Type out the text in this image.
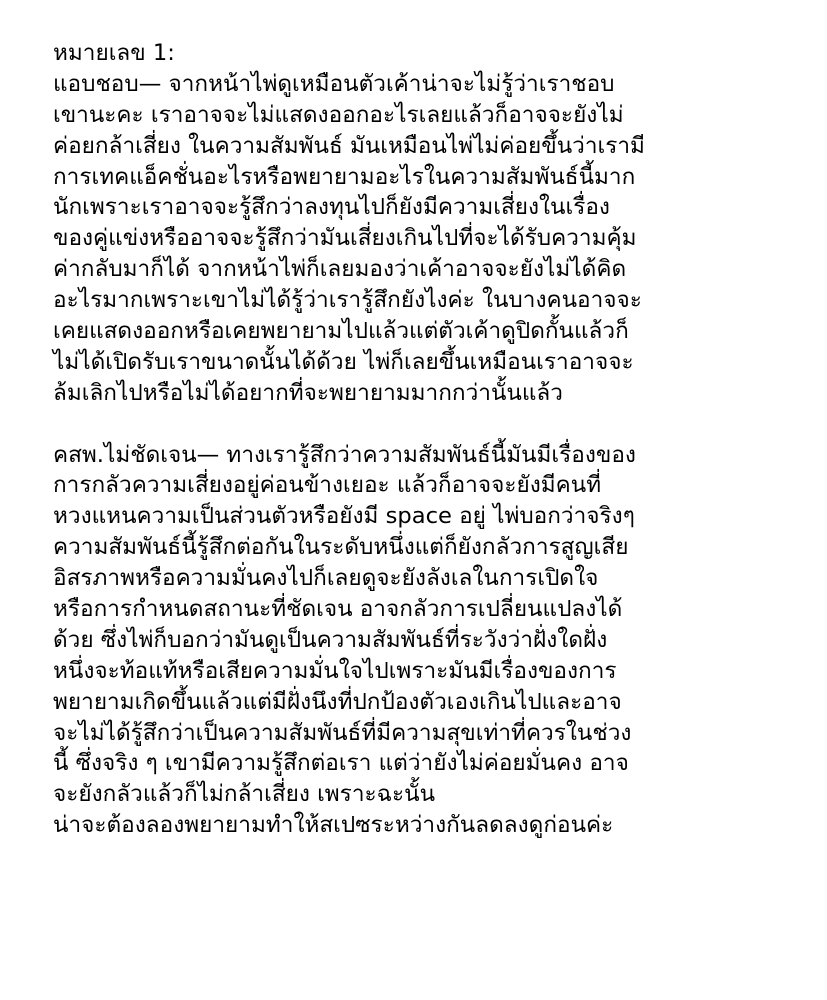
หมายเลข 1:
แอบชอบ— จากหน้าไพ่ดูเหมือนตัวเค้าน่าจะไม่รู้ว่าเราชอบ
เขานะคะ เราอาจจะไม่แสดงออกอะไรเลยแล้วก็อาจจะยังไม่
ค่อยกล้าเสี่ยง ในความสัมพันธ์ มันเหมือนไพ่ไม่ค่อยขึ้นว่าเรามี
การเทคแอ็คชั่นอะไรหรือพยายามอะไรในความสัมพันธ์นี้มาก
นักเพราะเราอาจจะรู้สึกว่าลงทุนไปก็ยังมีความเสี่ยงในเรื่อง
ของคู่แข่งหรืออาจจะรู้สึกว่ามันเสี่ยงเกินไปที่จะได้รับความคุ้ม
ค่ากลับมาก็ได้ จากหน้าไพ่ก็เลยมองว่าเค้าอาจจะยังไม่ได้คิด
อะไรมากเพราะเขาไม่ได้รู้ว่าเรารู้สึกยังไงค่ะ ในบางคนอาจจะ
เคยแสดงออกหรือเคยพยายามไปแล้วแต่ตัวเค้าดูปิดกั้นแล้วก็
ไม่ได้เปิดรับเราขนาดนั้นได้ด้วย ไพ่ก็เลยขึ้นเหมือนเราอาจจะ
ล้มเลิกไปหรือไม่ได้อยากที่จะพยายามมากกว่านั้นแล้ว
คสพ.ไม่ชัดเจน— ทางเรารู้สึกว่าความสัมพันธ์นี้มันมีเรื่องของ
การกลัวความเสี่ยงอยู่ค่อนข้างเยอะ แล้วก็อาจจะยังมีคนที่
หวงแหนความเป็นส่วนตัวหรือยังมี space อยู่ ไพ่บอกว่าจริงๆ
ความสัมพันธ์นี้รู้สึกต่อกันในระดับหนึ่งแต่ก็ยังกลัวการสูญเสีย
อิสรภาพหรือความมั่นคงไปก็เลยดูจะยังลังเลในการเปิดใจ
หรือการกำหนดสถานะที่ชัดเจน อาจกลัวการเปลี่ยนแปลงได้
ด้วย ซึ่งไพ่ก็บอกว่ามันดูเป็นความสัมพันธ์ที่ระวังว่าฝั่งใดฝั่ง
หนึ่งจะท้อแท้หรือเสียความมั่นใจไปเพราะมันมีเรื่องของการ
พยายามเกิดขึ้นแล้วแต่มีฝั่งนึงที่ปกป้องตัวเองเกินไปและอาจ
จะไม่ได้รู้สึกว่าเป็นความสัมพันธ์ที่มีความสุขเท่าที่ควรในช่วง
นี้ ซึ่งจริง ๆ เขามีความรู้สึกต่อเรา แต่ว่ายังไม่ค่อยมั่นคง อาจ
จะยังกลัวแล้วก็ไม่กล้าเสี่ยง เพราะฉะนั้น
น่าจะต้องลองพยายามทำให้สเปซระหว่างกันลดลงดูก่อนค่ะ
